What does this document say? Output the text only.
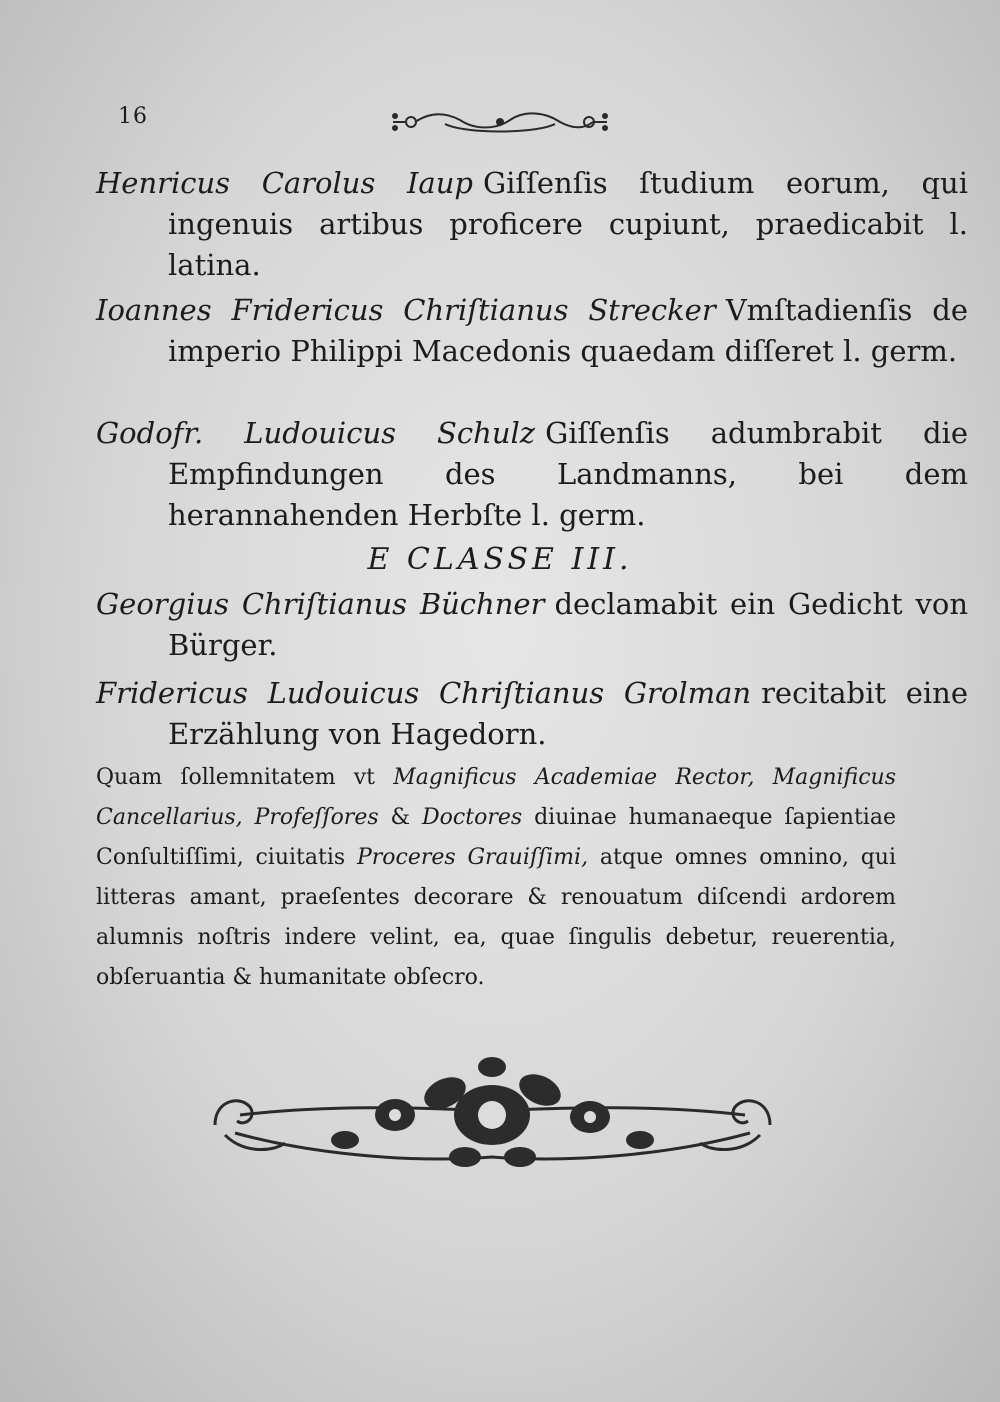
16
Henricus Carolus Iaup Giſſenſis ſtudium eorum, qui ingenuis artibus proficere cupiunt, praedicabit l. latina.
Ioannes Fridericus Chriſtianus Strecker Vmſtadienſis de imperio Philippi Macedonis quaedam diſſeret l. germ.
Godofr. Ludouicus Schulz Giſſenſis adumbrabit die Empfindungen des Landmanns, bei dem herannahenden Herbſte l. germ.
E CLASSE III.
Georgius Chriſtianus Büchner declamabit ein Gedicht von Bürger.
Fridericus Ludouicus Chriſtianus Grolman recitabit eine Erzählung von Hagedorn.
Quam ſollemnitatem vt Magnificus Academiae Rector, Magnificus Cancellarius, Profeſſores & Doctores diuinae humanaeque ſapientiae Conſultiſſimi, ciuitatis Proceres Grauiſſimi, atque omnes omnino, qui litteras amant, praeſentes decorare & renouatum diſcendi ardorem alumnis noſtris indere velint, ea, quae ſingulis debetur, reuerentia, obſeruantia & humanitate obſecro.
